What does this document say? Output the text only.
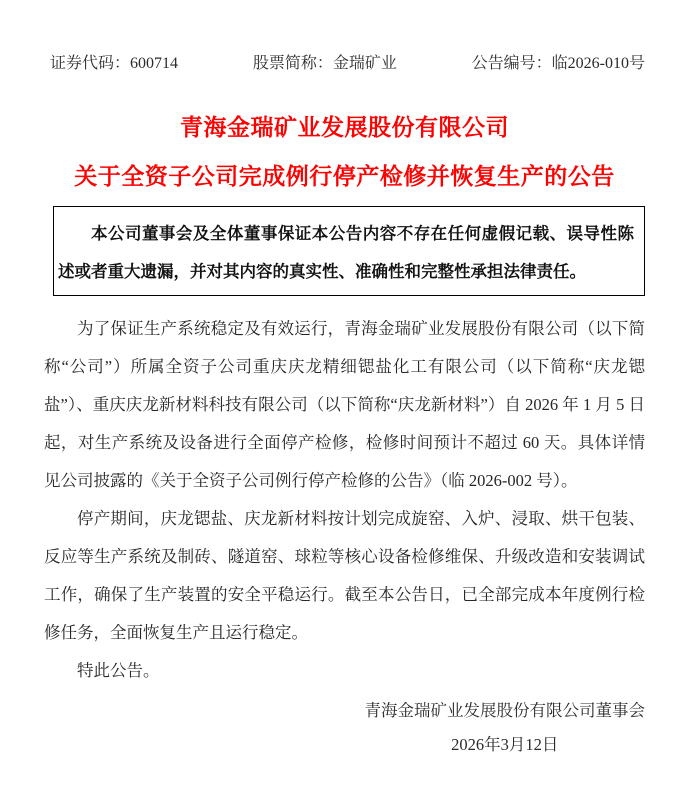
证券代码：600714	股票简称：金瑞矿业	公告编号：临2026-010号
青海金瑞矿业发展股份有限公司
关于全资子公司完成例行停产检修并恢复生产的公告

本公司董事会及全体董事保证本公告内容不存在任何虚假记载、误导性陈述或者重大遗漏，并对其内容的真实性、准确性和完整性承担法律责任。

为了保证生产系统稳定及有效运行，青海金瑞矿业发展股份有限公司（以下简称“公司”）所属全资子公司重庆庆龙精细锶盐化工有限公司（以下简称“庆龙锶盐”）、重庆庆龙新材料科技有限公司（以下简称“庆龙新材料”）自 2026 年 1 月 5 日起，对生产系统及设备进行全面停产检修，检修时间预计不超过 60 天。具体详情见公司披露的《关于全资子公司例行停产检修的公告》（临 2026-002 号）。

停产期间，庆龙锶盐、庆龙新材料按计划完成旋窑、入炉、浸取、烘干包装、反应等生产系统及制砖、隧道窑、球粒等核心设备检修维保、升级改造和安装调试工作，确保了生产装置的安全平稳运行。截至本公告日，已全部完成本年度例行检修任务，全面恢复生产且运行稳定。

特此公告。

青海金瑞矿业发展股份有限公司董事会
2026年3月12日
